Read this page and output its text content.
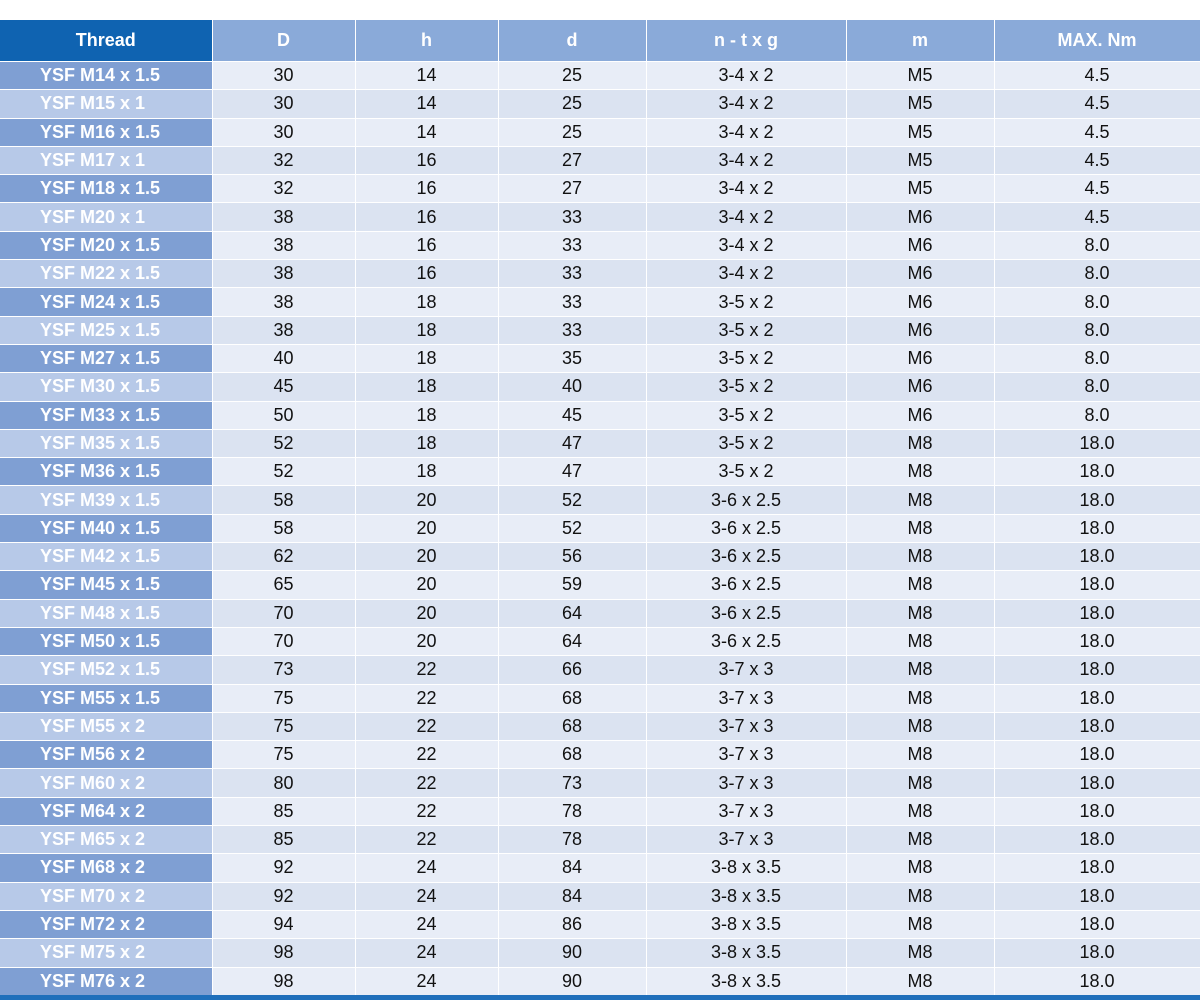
Thread	D	h	d	n - t x g	m	MAX. Nm
YSF M14 x 1.5	30	14	25	3-4 x 2	M5	4.5
YSF M15 x 1	30	14	25	3-4 x 2	M5	4.5
YSF M16 x 1.5	30	14	25	3-4 x 2	M5	4.5
YSF M17 x 1	32	16	27	3-4 x 2	M5	4.5
YSF M18 x 1.5	32	16	27	3-4 x 2	M5	4.5
YSF M20 x 1	38	16	33	3-4 x 2	M6	4.5
YSF M20 x 1.5	38	16	33	3-4 x 2	M6	8.0
YSF M22 x 1.5	38	16	33	3-4 x 2	M6	8.0
YSF M24 x 1.5	38	18	33	3-5 x 2	M6	8.0
YSF M25 x 1.5	38	18	33	3-5 x 2	M6	8.0
YSF M27 x 1.5	40	18	35	3-5 x 2	M6	8.0
YSF M30 x 1.5	45	18	40	3-5 x 2	M6	8.0
YSF M33 x 1.5	50	18	45	3-5 x 2	M6	8.0
YSF M35 x 1.5	52	18	47	3-5 x 2	M8	18.0
YSF M36 x 1.5	52	18	47	3-5 x 2	M8	18.0
YSF M39 x 1.5	58	20	52	3-6 x 2.5	M8	18.0
YSF M40 x 1.5	58	20	52	3-6 x 2.5	M8	18.0
YSF M42 x 1.5	62	20	56	3-6 x 2.5	M8	18.0
YSF M45 x 1.5	65	20	59	3-6 x 2.5	M8	18.0
YSF M48 x 1.5	70	20	64	3-6 x 2.5	M8	18.0
YSF M50 x 1.5	70	20	64	3-6 x 2.5	M8	18.0
YSF M52 x 1.5	73	22	66	3-7 x 3	M8	18.0
YSF M55 x 1.5	75	22	68	3-7 x 3	M8	18.0
YSF M55 x 2	75	22	68	3-7 x 3	M8	18.0
YSF M56 x 2	75	22	68	3-7 x 3	M8	18.0
YSF M60 x 2	80	22	73	3-7 x 3	M8	18.0
YSF M64 x 2	85	22	78	3-7 x 3	M8	18.0
YSF M65 x 2	85	22	78	3-7 x 3	M8	18.0
YSF M68 x 2	92	24	84	3-8 x 3.5	M8	18.0
YSF M70 x 2	92	24	84	3-8 x 3.5	M8	18.0
YSF M72 x 2	94	24	86	3-8 x 3.5	M8	18.0
YSF M75 x 2	98	24	90	3-8 x 3.5	M8	18.0
YSF M76 x 2	98	24	90	3-8 x 3.5	M8	18.0
